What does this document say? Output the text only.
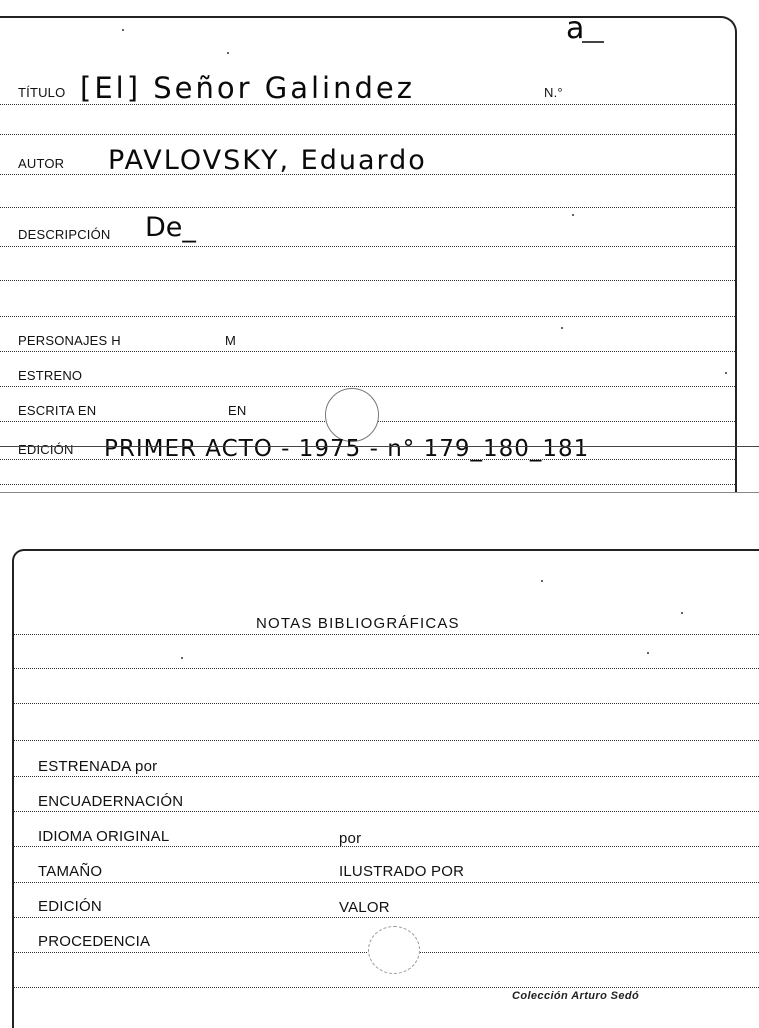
a
TÍTULO [El] Señor Galindez	N.°
AUTOR PAVLOVSKY, Eduardo
DESCRIPCIÓN De_
PERSONAJES H	M
ESTRENO
ESCRITA EN	EN
EDICIÓN PRIMER ACTO - 1975 - n° 179_180_181
NOTAS BIBLIOGRÁFICAS
ESTRENADA por
ENCUADERNACIÓN
IDIOMA ORIGINAL	por
TAMAÑO	ILUSTRADO POR
EDICIÓN	VALOR
PROCEDENCIA
Colección Arturo Sedó
